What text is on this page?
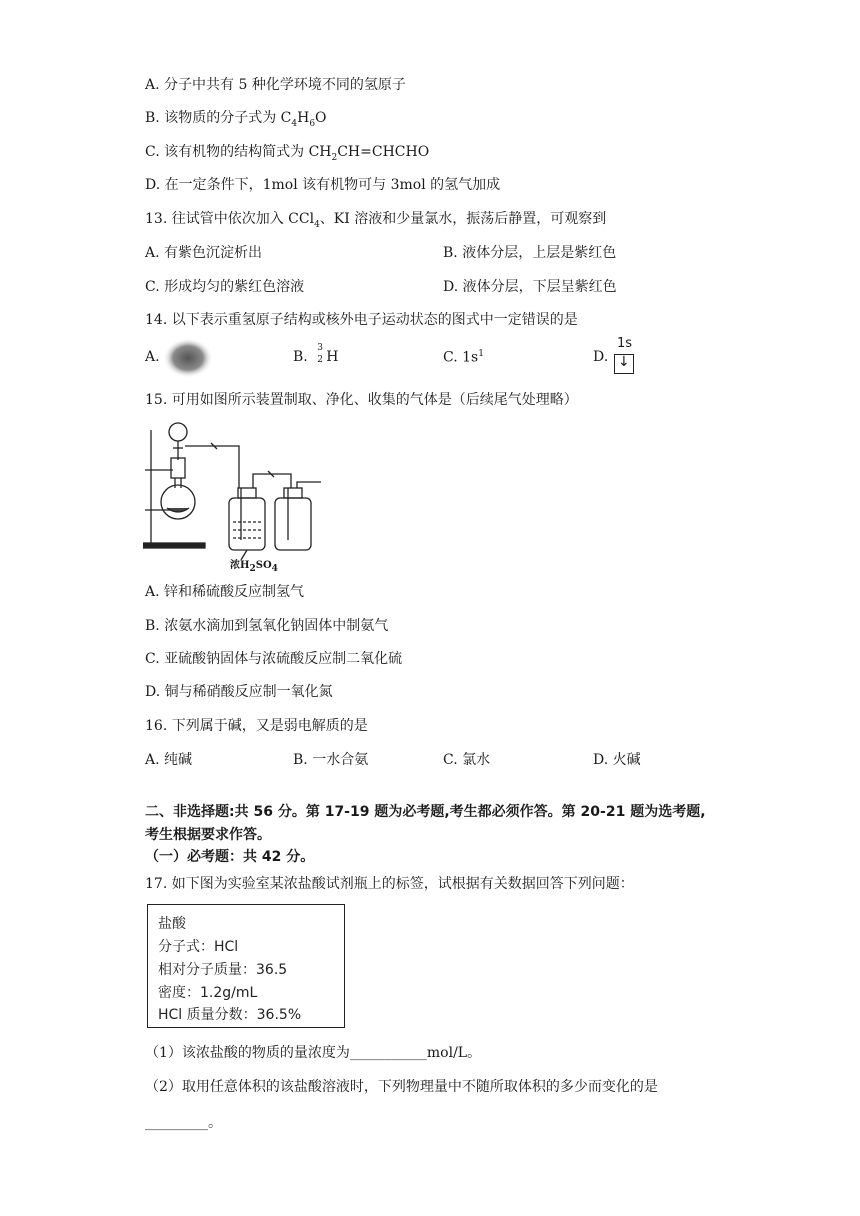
A. 分子中共有 5 种化学环境不同的氢原子
B. 该物质的分子式为 $C_4H_6O$
C. 该有机物的结构简式为 $CH_2CH=CHCHO$
D. 在一定条件下，1mol 该有机物可与 3mol 的氢气加成
13. 往试管中依次加入 CCl$_4$、KI 溶液和少量氯水，振荡后静置，可观察到
A. 有紫色沉淀析出	B. 液体分层，上层是紫红色
C. 形成均匀的紫红色溶液	D. 液体分层，下层呈紫红色
14. 以下表示重氢原子结构或核外电子运动状态的图式中一定错误的是
A.	B.
3
2 H	C. $1s^1$	D.
1s
↓
15. 可用如图所示装置制取、净化、收集的气体是（后续尾气处理略）
浓$H_2SO_4$
A. 锌和稀硫酸反应制氢气
B. 浓氨水滴加到氢氧化钠固体中制氨气
C. 亚硫酸钠固体与浓硫酸反应制二氧化硫
D. 铜与稀硝酸反应制一氧化氮
16. 下列属于碱，又是弱电解质的是
A. 纯碱	B. 一水合氨	C. 氯水	D. 火碱
二、非选择题:共 56 分。第 17-19 题为必考题,考生都必须作答。第 20-21 题为选考题,
考生根据要求作答。
（一）必考题：共 42 分。
17. 如下图为实验室某浓盐酸试剂瓶上的标签，试根据有关数据回答下列问题：
盐酸
分子式：HCl
相对分子质量：36.5
密度：1.2g/mL
HCl 质量分数：36.5%
（1）该浓盐酸的物质的量浓度为___________mol/L。
（2）取用任意体积的该盐酸溶液时，下列物理量中不随所取体积的多少而变化的是
_________。
